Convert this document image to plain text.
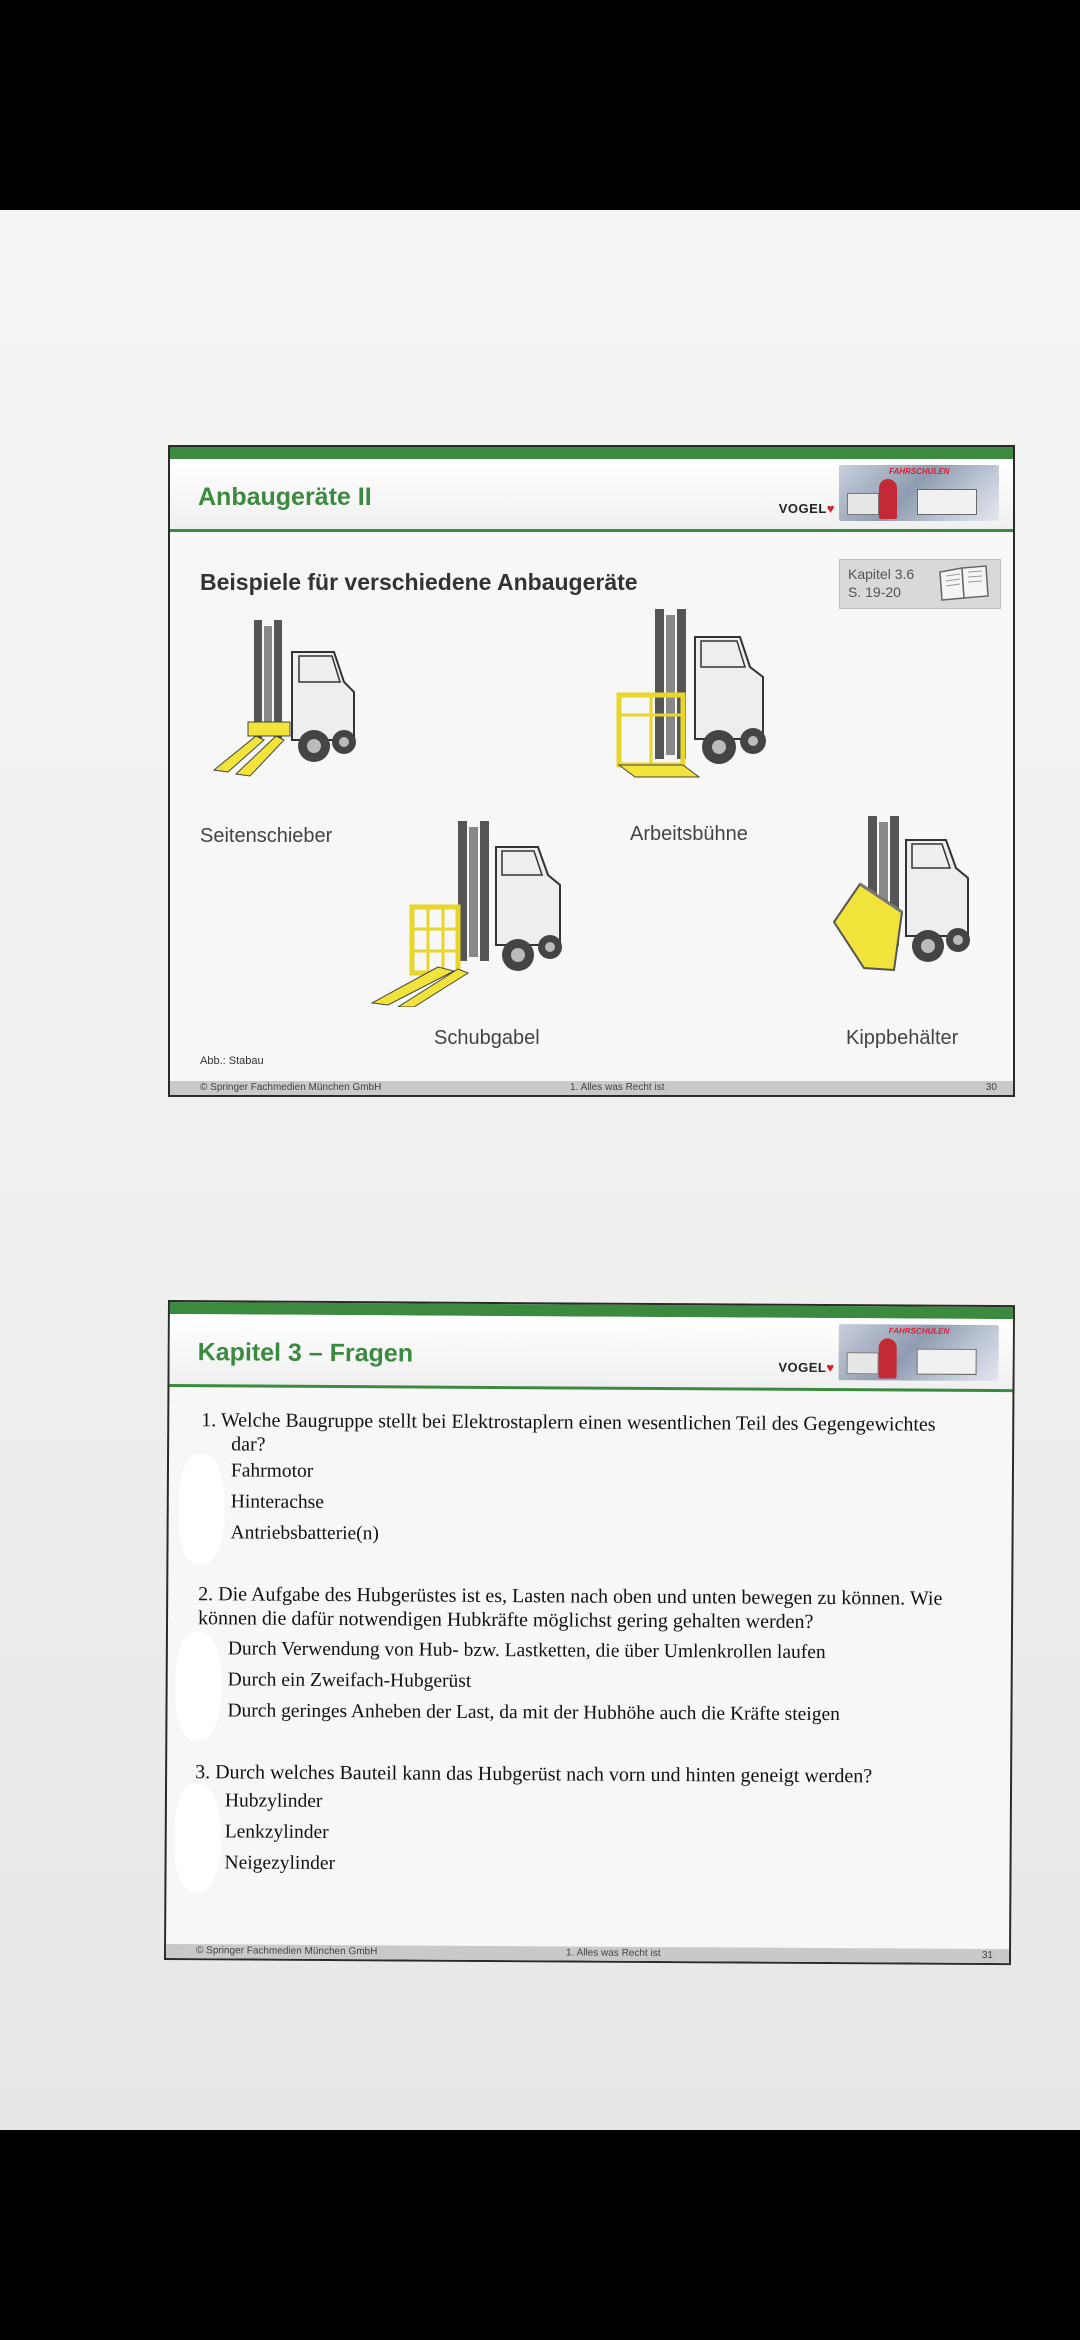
Anbaugeräte II	VOGEL♥
FAHRSCHULEN
Beispiele für verschiedene Anbaugeräte	Kapitel 3.6
S. 19-20
Seitenschieber	Arbeitsbühne
Schubgabel	Kippbehälter
Abb.: Stabau
© Springer Fachmedien München GmbH	1. Alles was Recht ist	30
Kapitel 3 – Fragen	VOGEL♥
FAHRSCHULEN
1. Welche Baugruppe stellt bei Elektrostaplern einen wesentlichen Teil des Gegengewichtes
dar?
Fahrmotor
Hinterachse
Antriebsbatterie(n)
2. Die Aufgabe des Hubgerüstes ist es, Lasten nach oben und unten bewegen zu können. Wie
können die dafür notwendigen Hubkräfte möglichst gering gehalten werden?
Durch Verwendung von Hub- bzw. Lastketten, die über Umlenkrollen laufen
Durch ein Zweifach-Hubgerüst
Durch geringes Anheben der Last, da mit der Hubhöhe auch die Kräfte steigen
3. Durch welches Bauteil kann das Hubgerüst nach vorn und hinten geneigt werden?
Hubzylinder
Lenkzylinder
Neigezylinder
© Springer Fachmedien München GmbH	1. Alles was Recht ist	31
